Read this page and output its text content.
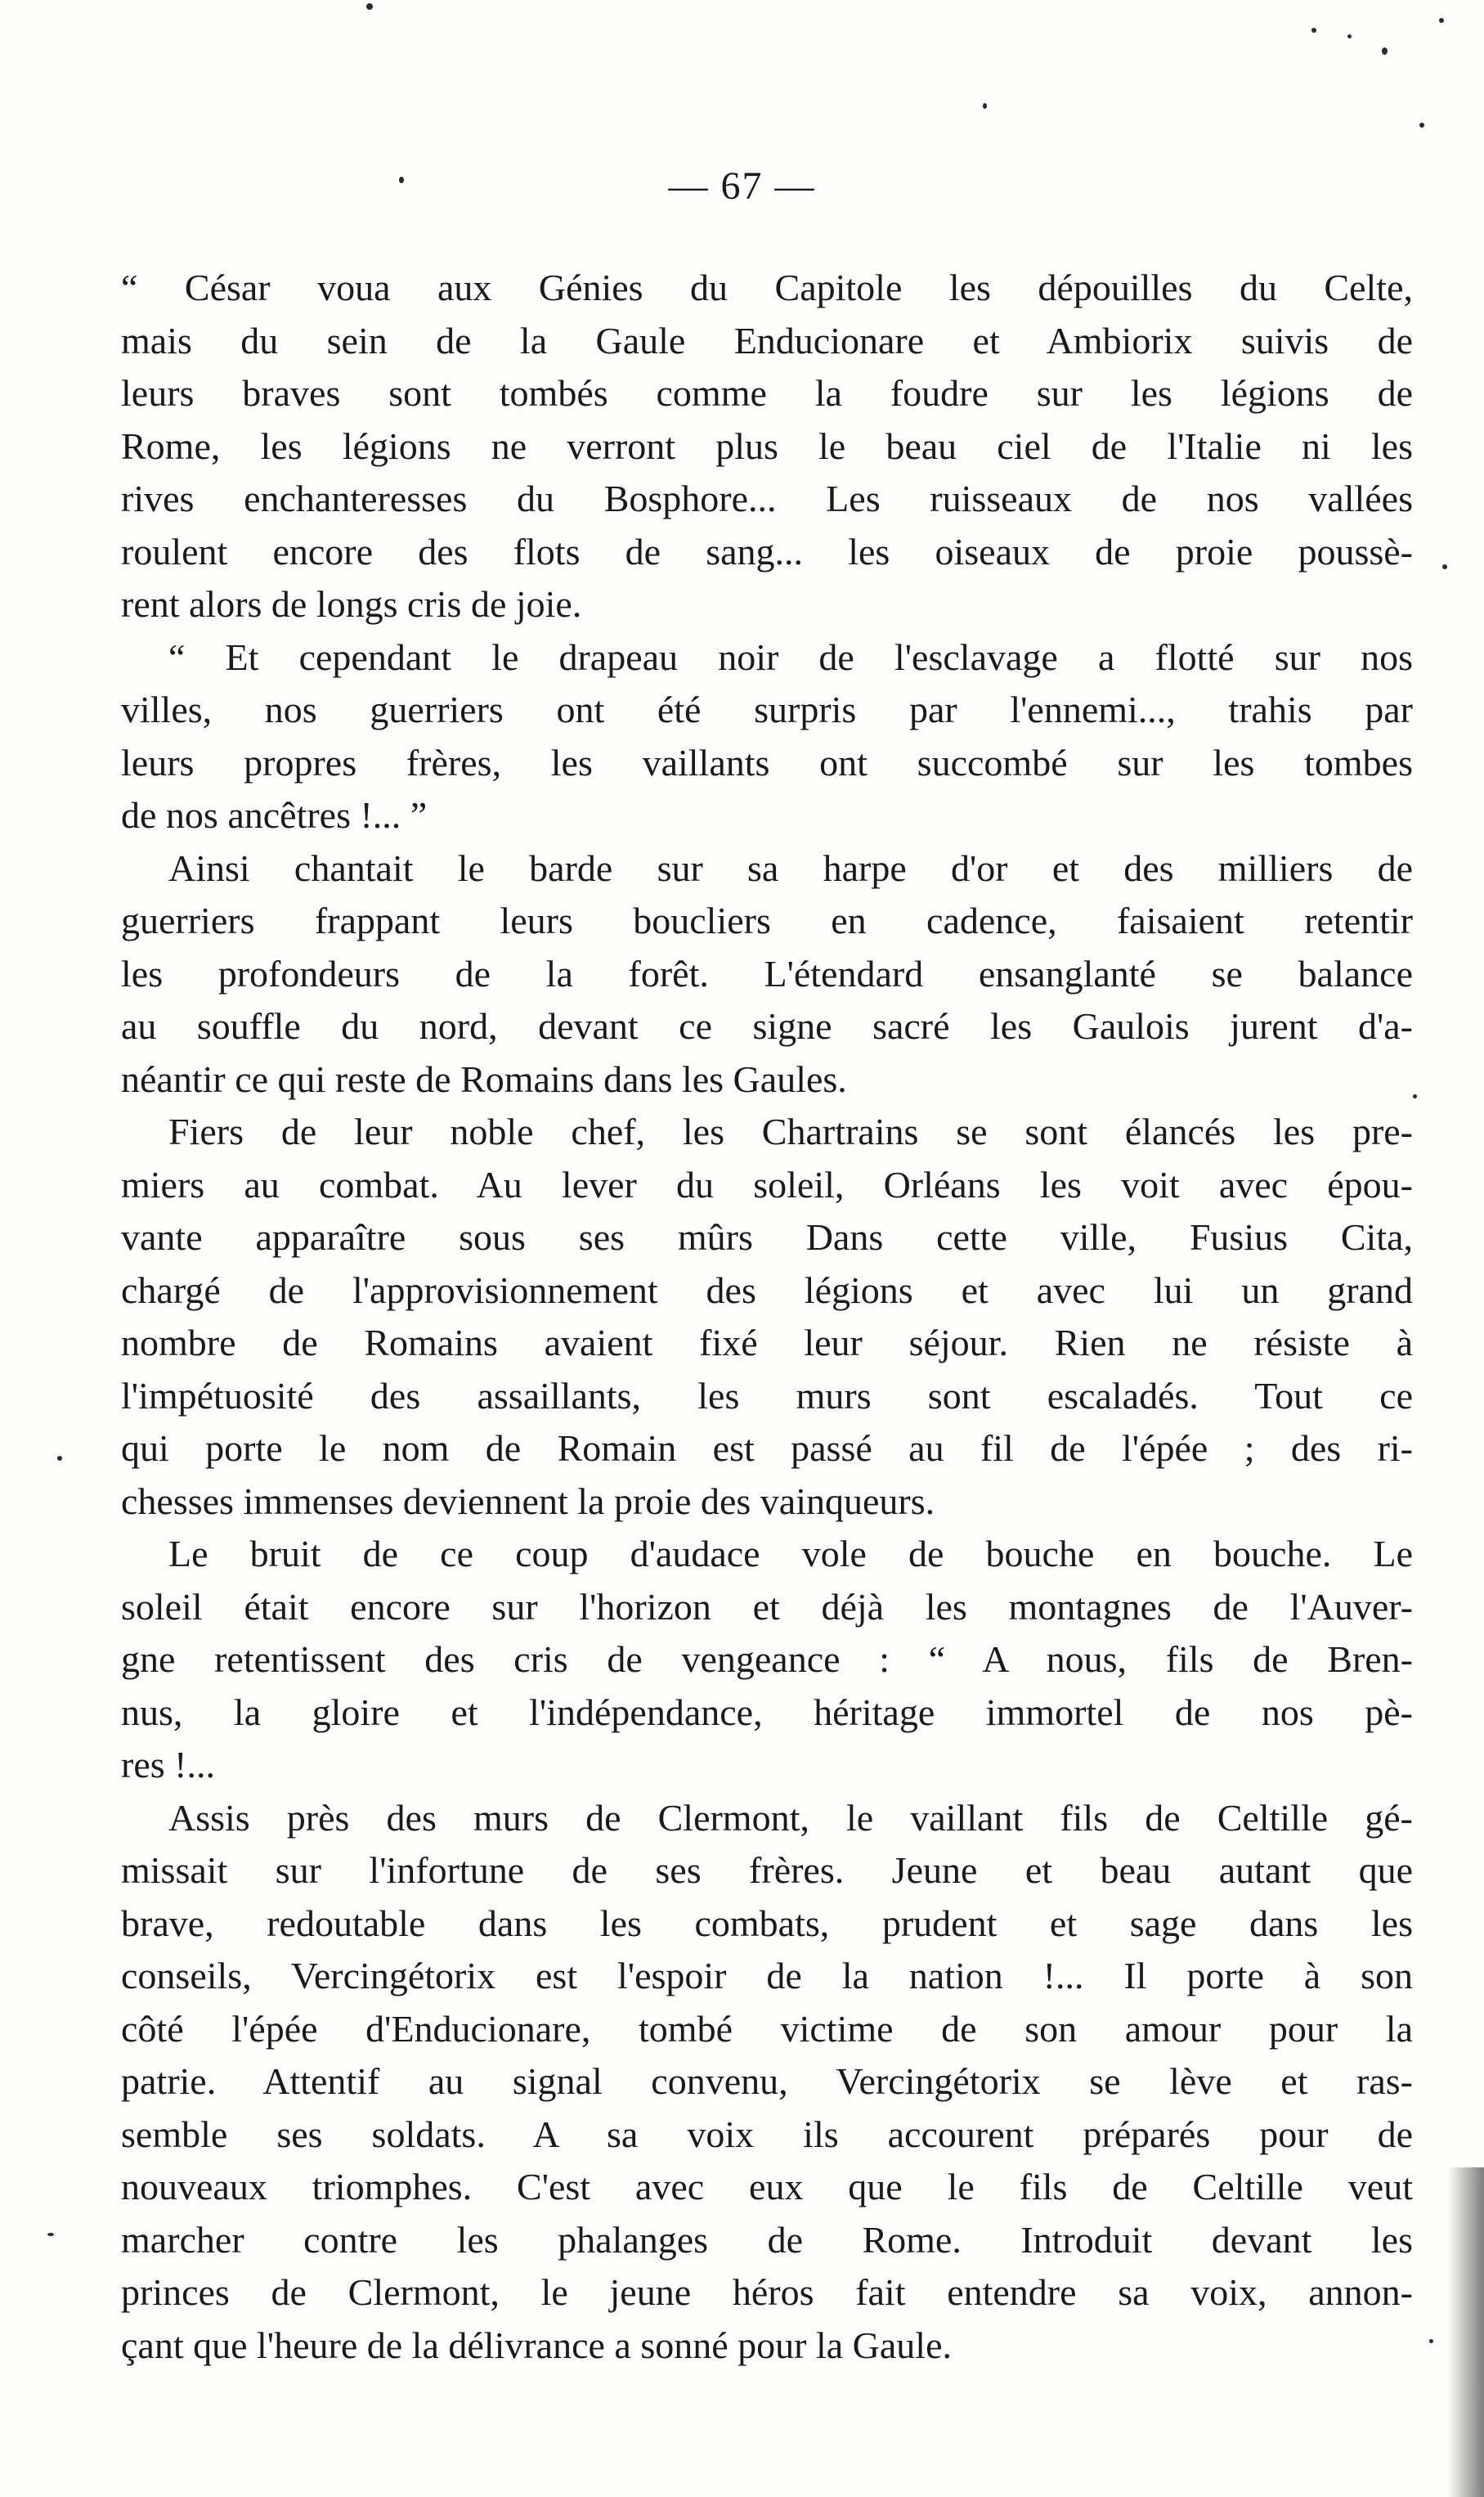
— 67 —
“ César voua aux Génies du Capitole les dépouilles du Celte,
mais du sein de la Gaule Enducionare et Ambiorix suivis de
leurs braves sont tombés comme la foudre sur les légions de
Rome, les légions ne verront plus le beau ciel de l'Italie ni les
rives enchanteresses du Bosphore... Les ruisseaux de nos vallées
roulent encore des flots de sang... les oiseaux de proie poussè-
rent alors de longs cris de joie.
“ Et cependant le drapeau noir de l'esclavage a flotté sur nos
villes, nos guerriers ont été surpris par l'ennemi..., trahis par
leurs propres frères, les vaillants ont succombé sur les tombes
de nos ancêtres !... ”
Ainsi chantait le barde sur sa harpe d'or et des milliers de
guerriers frappant leurs boucliers en cadence, faisaient retentir
les profondeurs de la forêt. L'étendard ensanglanté se balance
au souffle du nord, devant ce signe sacré les Gaulois jurent d'a-
néantir ce qui reste de Romains dans les Gaules.
Fiers de leur noble chef, les Chartrains se sont élancés les pre-
miers au combat. Au lever du soleil, Orléans les voit avec épou-
vante apparaître sous ses mûrs Dans cette ville, Fusius Cita,
chargé de l'approvisionnement des légions et avec lui un grand
nombre de Romains avaient fixé leur séjour. Rien ne résiste à
l'impétuosité des assaillants, les murs sont escaladés. Tout ce
qui porte le nom de Romain est passé au fil de l'épée ; des ri-
chesses immenses deviennent la proie des vainqueurs.
Le bruit de ce coup d'audace vole de bouche en bouche. Le
soleil était encore sur l'horizon et déjà les montagnes de l'Auver-
gne retentissent des cris de vengeance : “ A nous, fils de Bren-
nus, la gloire et l'indépendance, héritage immortel de nos pè-
res !...
Assis près des murs de Clermont, le vaillant fils de Celtille gé-
missait sur l'infortune de ses frères. Jeune et beau autant que
brave, redoutable dans les combats, prudent et sage dans les
conseils, Vercingétorix est l'espoir de la nation !... Il porte à son
côté l'épée d'Enducionare, tombé victime de son amour pour la
patrie. Attentif au signal convenu, Vercingétorix se lève et ras-
semble ses soldats. A sa voix ils accourent préparés pour de
nouveaux triomphes. C'est avec eux que le fils de Celtille veut
marcher contre les phalanges de Rome. Introduit devant les
princes de Clermont, le jeune héros fait entendre sa voix, annon-
çant que l'heure de la délivrance a sonné pour la Gaule.
